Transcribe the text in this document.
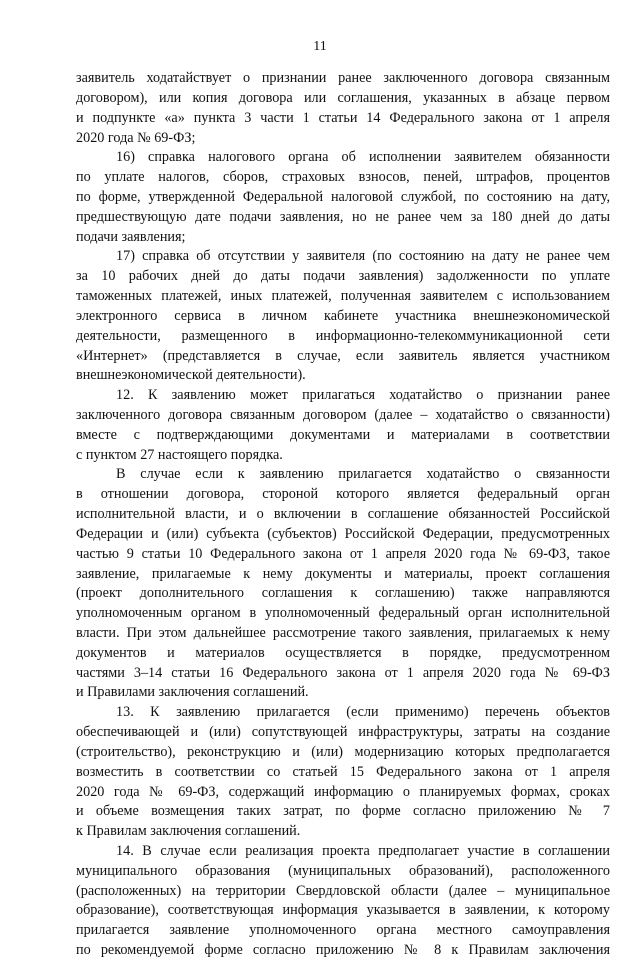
11
заявитель ходатайствует о признании ранее заключенного договора связанным
договором), или копия договора или соглашения, указанных в абзаце первом
и подпункте «а» пункта 3 части 1 статьи 14 Федерального закона от 1 апреля
2020 года № 69-ФЗ;
16) справка налогового органа об исполнении заявителем обязанности
по уплате налогов, сборов, страховых взносов, пеней, штрафов, процентов
по форме, утвержденной Федеральной налоговой службой, по состоянию на дату,
предшествующую дате подачи заявления, но не ранее чем за 180 дней до даты
подачи заявления;
17) справка об отсутствии у заявителя (по состоянию на дату не ранее чем
за 10 рабочих дней до даты подачи заявления) задолженности по уплате
таможенных платежей, иных платежей, полученная заявителем с использованием
электронного сервиса в личном кабинете участника внешнеэкономической
деятельности, размещенного в информационно-телекоммуникационной сети
«Интернет» (представляется в случае, если заявитель является участником
внешнеэкономической деятельности).
12. К заявлению может прилагаться ходатайство о признании ранее
заключенного договора связанным договором (далее – ходатайство о связанности)
вместе с подтверждающими документами и материалами в соответствии
с пунктом 27 настоящего порядка.
В случае если к заявлению прилагается ходатайство о связанности
в отношении договора, стороной которого является федеральный орган
исполнительной власти, и о включении в соглашение обязанностей Российской
Федерации и (или) субъекта (субъектов) Российской Федерации, предусмотренных
частью 9 статьи 10 Федерального закона от 1 апреля 2020 года № 69-ФЗ, такое
заявление, прилагаемые к нему документы и материалы, проект соглашения
(проект дополнительного соглашения к соглашению) также направляются
уполномоченным органом в уполномоченный федеральный орган исполнительной
власти. При этом дальнейшее рассмотрение такого заявления, прилагаемых к нему
документов и материалов осуществляется в порядке, предусмотренном
частями 3–14 статьи 16 Федерального закона от 1 апреля 2020 года № 69-ФЗ
и Правилами заключения соглашений.
13. К заявлению прилагается (если применимо) перечень объектов
обеспечивающей и (или) сопутствующей инфраструктуры, затраты на создание
(строительство), реконструкцию и (или) модернизацию которых предполагается
возместить в соответствии со статьей 15 Федерального закона от 1 апреля
2020 года № 69-ФЗ, содержащий информацию о планируемых формах, сроках
и объеме возмещения таких затрат, по форме согласно приложению № 7
к Правилам заключения соглашений.
14. В случае если реализация проекта предполагает участие в соглашении
муниципального образования (муниципальных образований), расположенного
(расположенных) на территории Свердловской области (далее – муниципальное
образование), соответствующая информация указывается в заявлении, к которому
прилагается заявление уполномоченного органа местного самоуправления
по рекомендуемой форме согласно приложению № 8 к Правилам заключения
